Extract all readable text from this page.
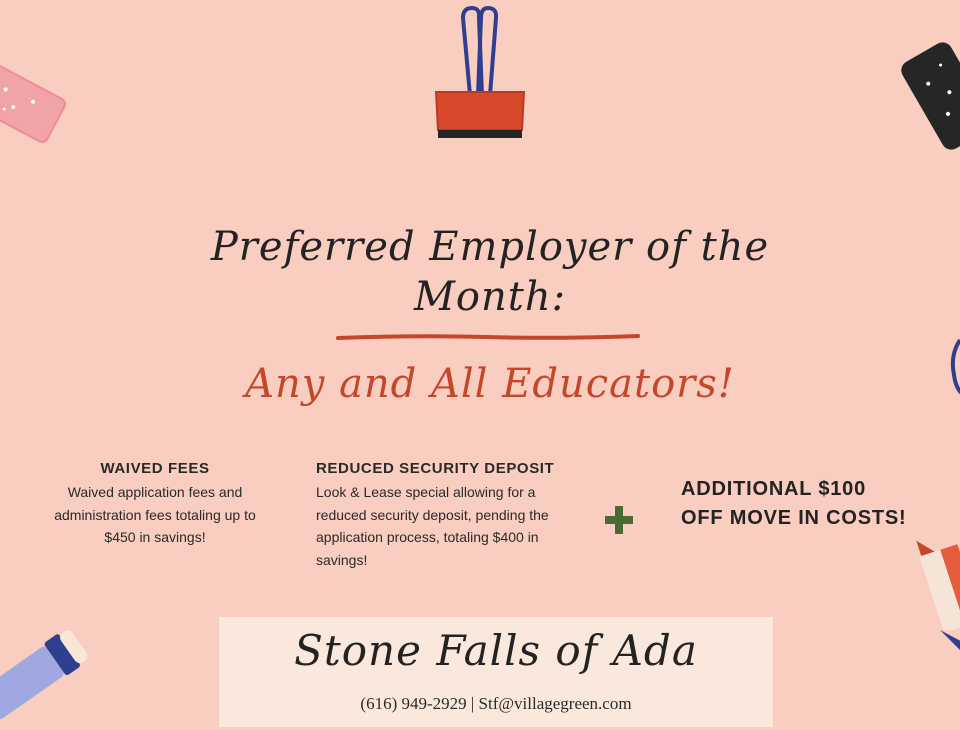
Preferred Employer of the Month:
Any and All Educators!
WAIVED FEES
Waived application fees and administration fees totaling up to $450 in savings!
REDUCED SECURITY DEPOSIT
Look & Lease special allowing for a reduced security deposit, pending the application process, totaling $400 in savings!
ADDITIONAL $100 OFF MOVE IN COSTS!
Stone Falls of Ada
(616) 949-2929 | Stf@villagegreen.com
